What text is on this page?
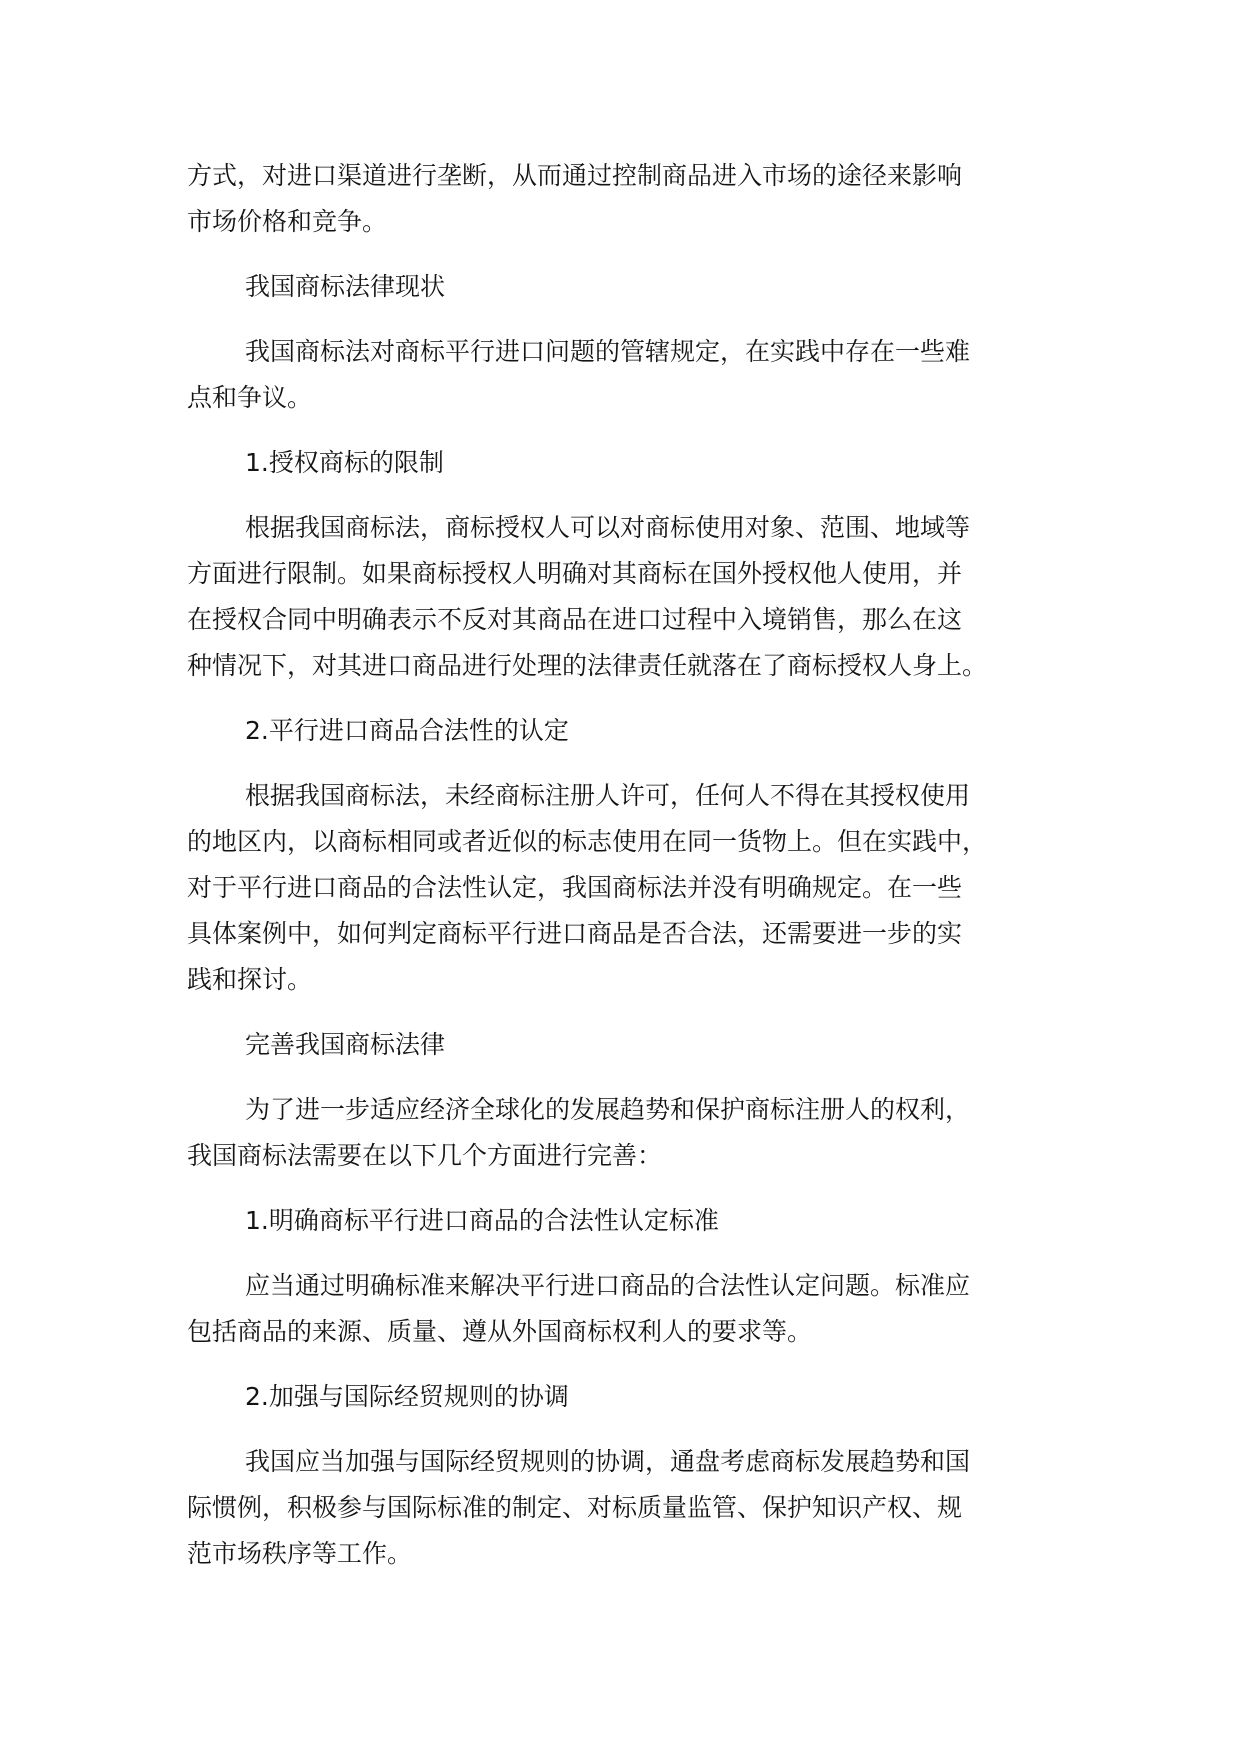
方式，对进口渠道进行垄断，从而通过控制商品进入市场的途径来影响
市场价格和竞争。
我国商标法律现状
我国商标法对商标平行进口问题的管辖规定，在实践中存在一些难
点和争议。
1.授权商标的限制
根据我国商标法，商标授权人可以对商标使用对象、范围、地域等
方面进行限制。如果商标授权人明确对其商标在国外授权他人使用，并
在授权合同中明确表示不反对其商品在进口过程中入境销售，那么在这
种情况下，对其进口商品进行处理的法律责任就落在了商标授权人身上。
2.平行进口商品合法性的认定
根据我国商标法，未经商标注册人许可，任何人不得在其授权使用
的地区内，以商标相同或者近似的标志使用在同一货物上。但在实践中，
对于平行进口商品的合法性认定，我国商标法并没有明确规定。在一些
具体案例中，如何判定商标平行进口商品是否合法，还需要进一步的实
践和探讨。
完善我国商标法律
为了进一步适应经济全球化的发展趋势和保护商标注册人的权利，
我国商标法需要在以下几个方面进行完善：
1.明确商标平行进口商品的合法性认定标准
应当通过明确标准来解决平行进口商品的合法性认定问题。标准应
包括商品的来源、质量、遵从外国商标权利人的要求等。
2.加强与国际经贸规则的协调
我国应当加强与国际经贸规则的协调，通盘考虑商标发展趋势和国
际惯例，积极参与国际标准的制定、对标质量监管、保护知识产权、规
范市场秩序等工作。
